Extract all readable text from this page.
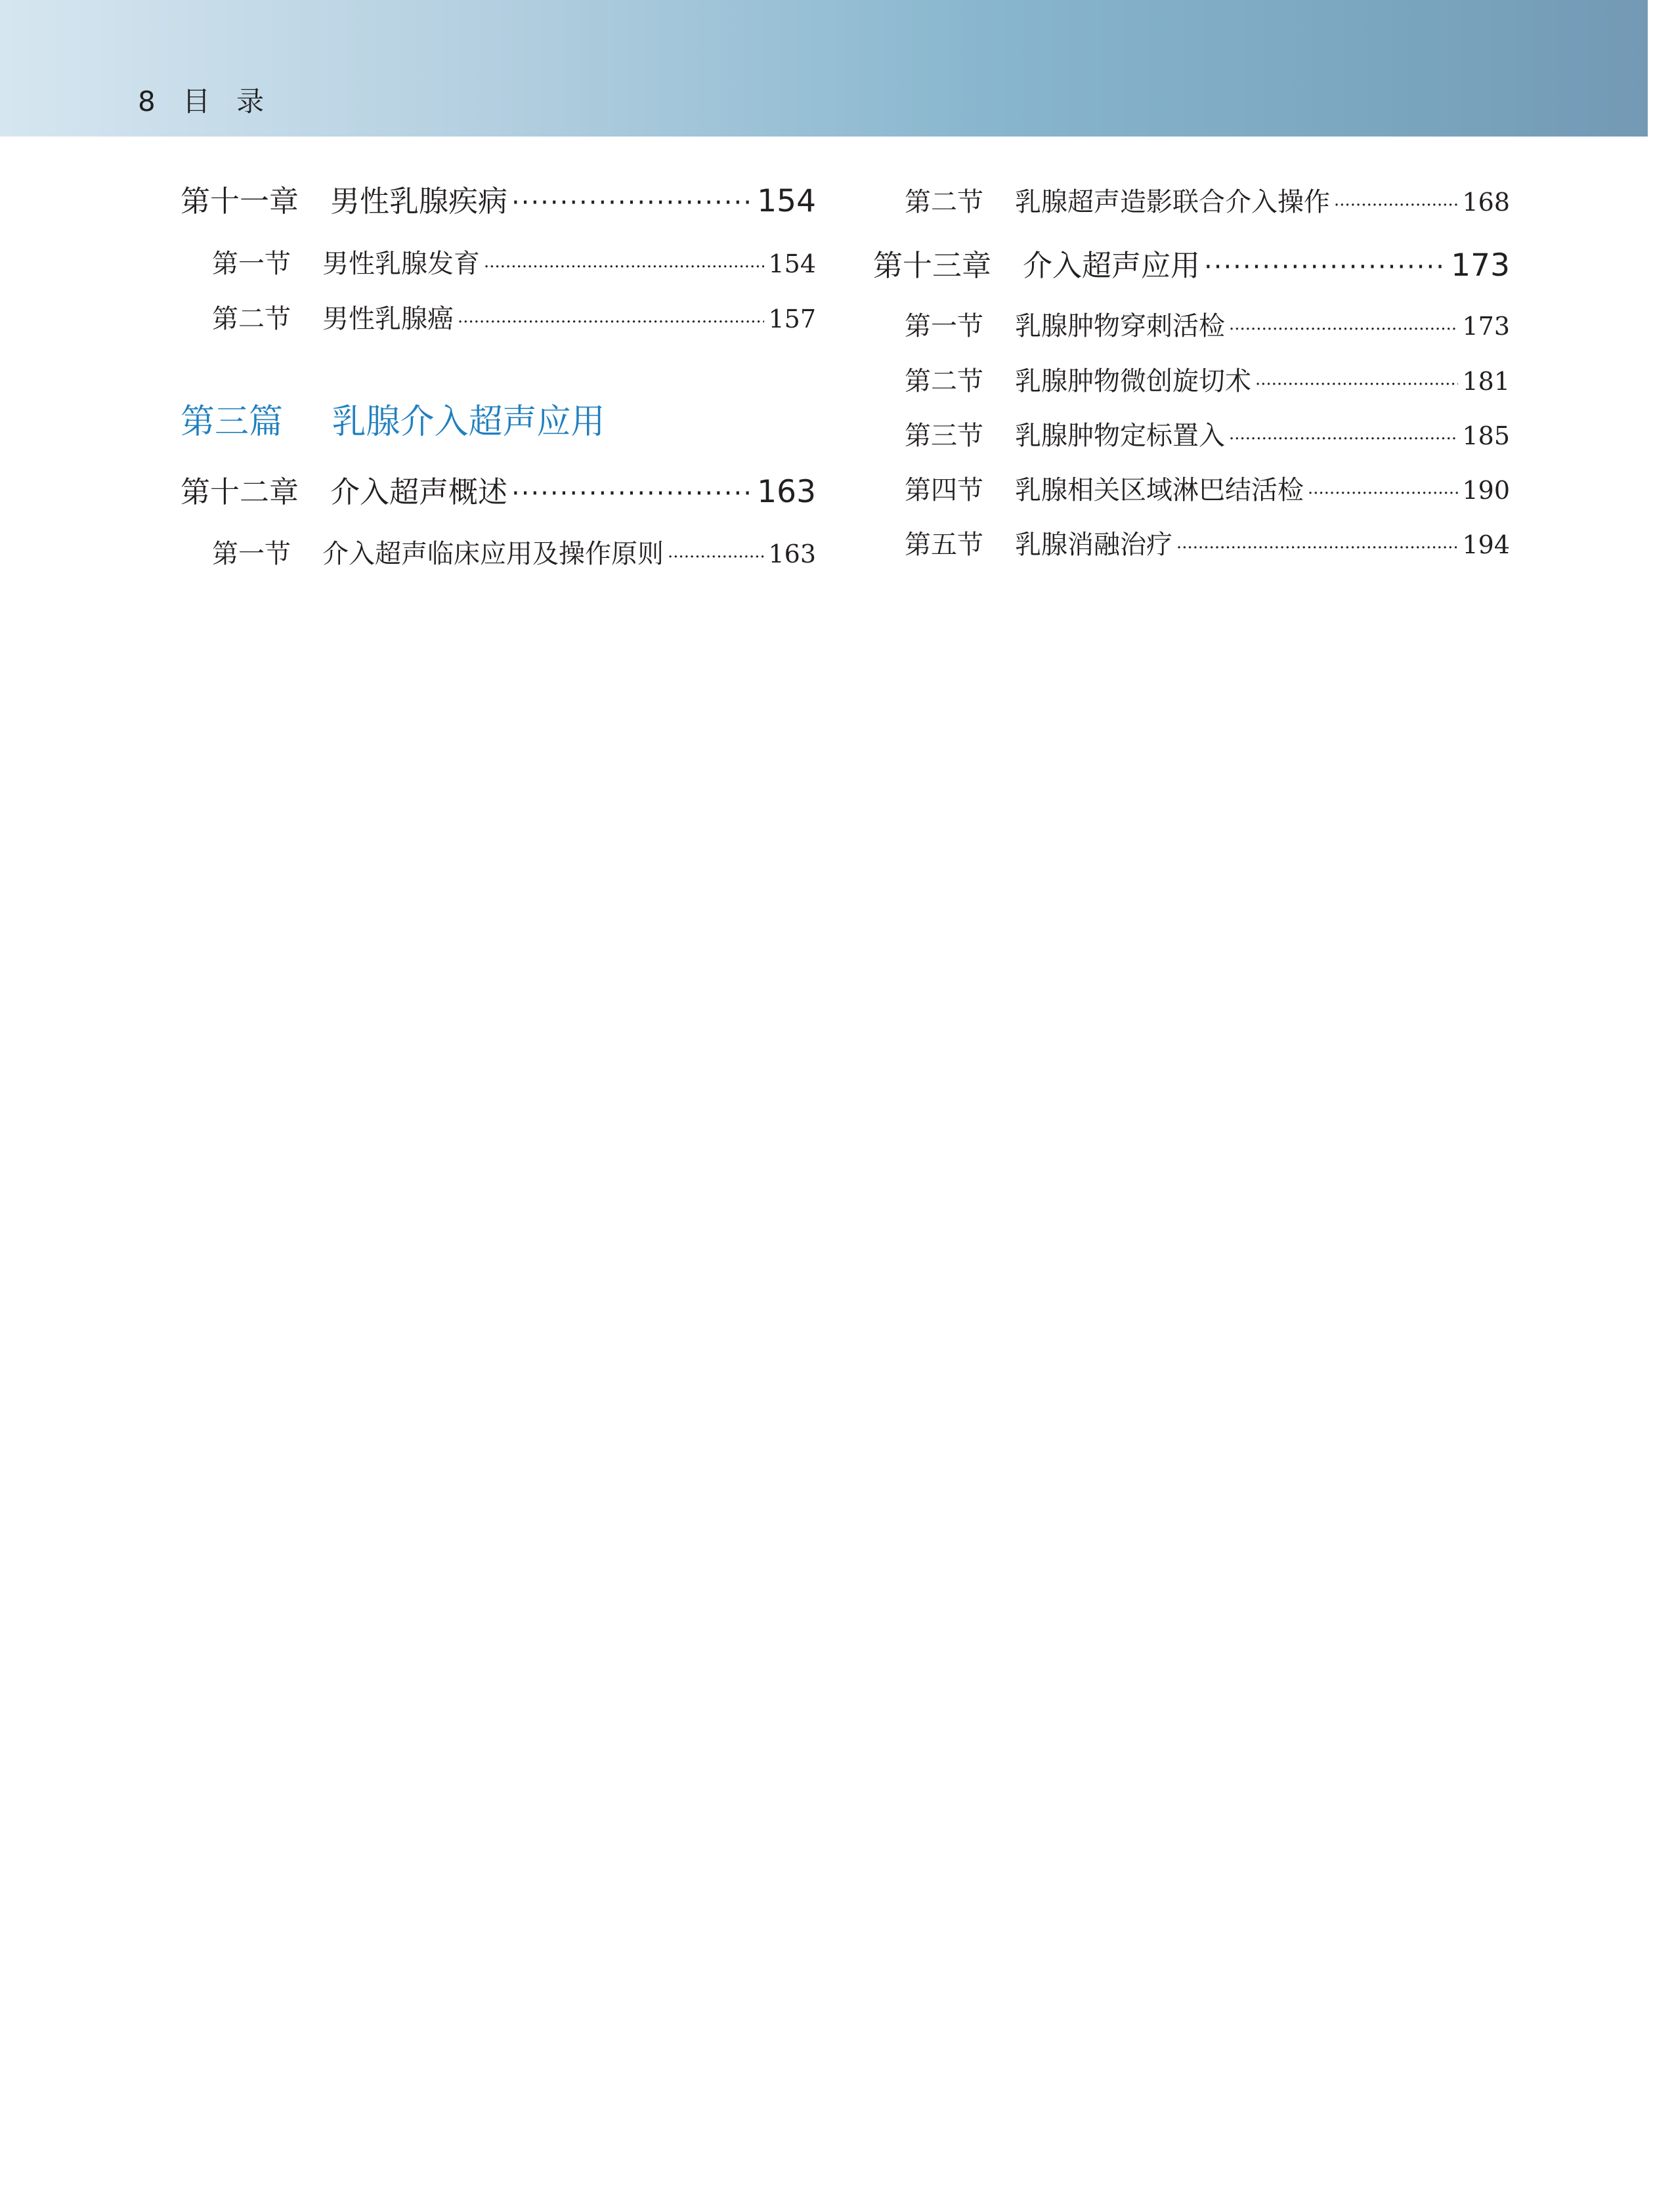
8 目录
第十一章 男性乳腺疾病 ·····	154
第一节 男性乳腺发育 ·····	154
第二节 男性乳腺癌 ·····	157
第三篇 乳腺介入超声应用
第十二章 介入超声概述 ·····	163
第一节 介入超声临床应用及操作原则 ·····	163
第二节 乳腺超声造影联合介入操作 ·····	168
第十三章 介入超声应用 ·····	173
第一节 乳腺肿物穿刺活检 ·····	173
第二节 乳腺肿物微创旋切术 ·····	181
第三节 乳腺肿物定标置入 ·····	185
第四节 乳腺相关区域淋巴结活检 ·····	190
第五节 乳腺消融治疗 ·····	194
